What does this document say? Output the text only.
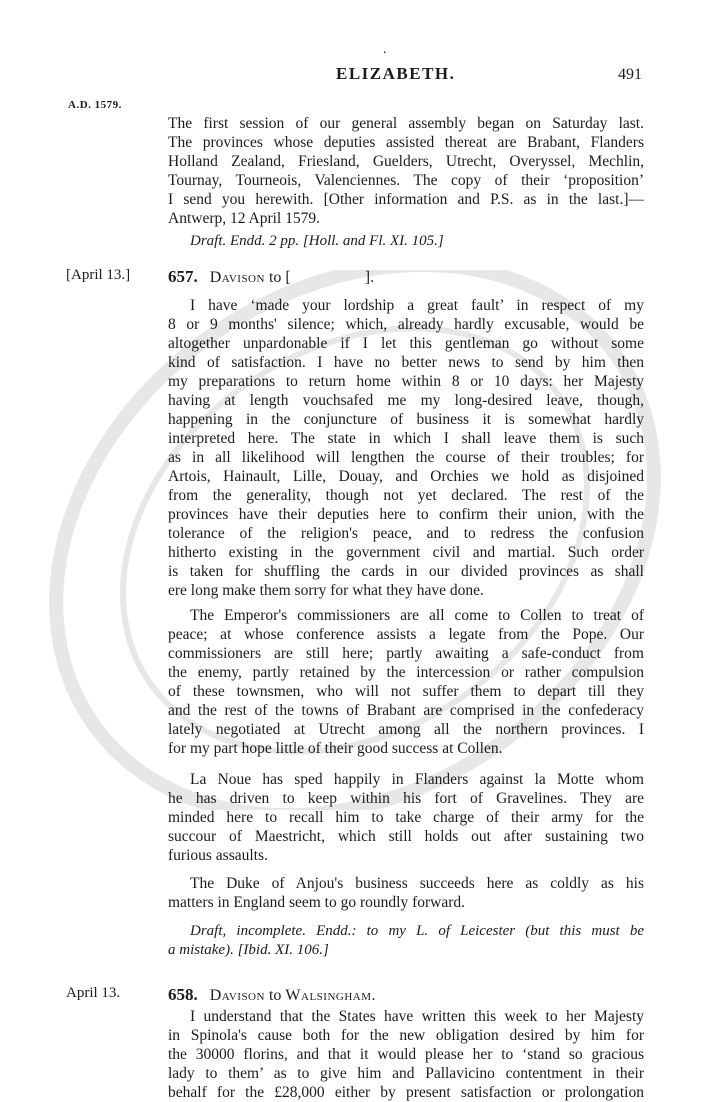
.
ELIZABETH.	491
A.D. 1579.

The first session of our general assembly began on Saturday last.

The provinces whose deputies assisted thereat are Brabant, Flanders

Holland Zealand, Friesland, Guelders, Utrecht, Overyssel, Mechlin,

Tournay, Tourneois, Valenciennes. The copy of their ‘proposition’

I send you herewith. [Other information and P.S. as in the last.]—

Antwerp, 12 April 1579.

Draft. Endd. 2 pp. [Holl. and Fl. XI. 105.]
[April 13.] 657. Davison to [	].

I have ‘made your lordship a great fault’ in respect of my

8 or 9 months' silence; which, already hardly excusable, would be

altogether unpardonable if I let this gentleman go without some

kind of satisfaction. I have no better news to send by him then

my preparations to return home within 8 or 10 days: her Majesty

having at length vouchsafed me my long-desired leave, though,

happening in the conjuncture of business it is somewhat hardly

interpreted here. The state in which I shall leave them is such

as in all likelihood will lengthen the course of their troubles; for

Artois, Hainault, Lille, Douay, and Orchies we hold as disjoined

from the generality, though not yet declared. The rest of the

provinces have their deputies here to confirm their union, with the

tolerance of the religion's peace, and to redress the confusion

hitherto existing in the government civil and martial. Such order

is taken for shuffling the cards in our divided provinces as shall

ere long make them sorry for what they have done.

The Emperor's commissioners are all come to Collen to treat of

peace; at whose conference assists a legate from the Pope. Our

commissioners are still here; partly awaiting a safe-conduct from

the enemy, partly retained by the intercession or rather compulsion

of these townsmen, who will not suffer them to depart till they

and the rest of the towns of Brabant are comprised in the confederacy

lately negotiated at Utrecht among all the northern provinces. I

for my part hope little of their good success at Collen.

La Noue has sped happily in Flanders against la Motte whom

he has driven to keep within his fort of Gravelines. They are

minded here to recall him to take charge of their army for the

succour of Maestricht, which still holds out after sustaining two

furious assaults.

The Duke of Anjou's business succeeds here as coldly as his

matters in England seem to go roundly forward.

Draft, incomplete. Endd.: to my L. of Leicester (but this must be

a mistake). [Ibid. XI. 106.]

April 13.	658. Davison to Walsingham.

I understand that the States have written this week to her Majesty

in Spinola's cause both for the new obligation desired by him for

the 30000 florins, and that it would please her to ‘stand so gracious

lady to them’ as to give him and Pallavicino contentment in their

behalf for the £28,000 either by present satisfaction or prolongation
